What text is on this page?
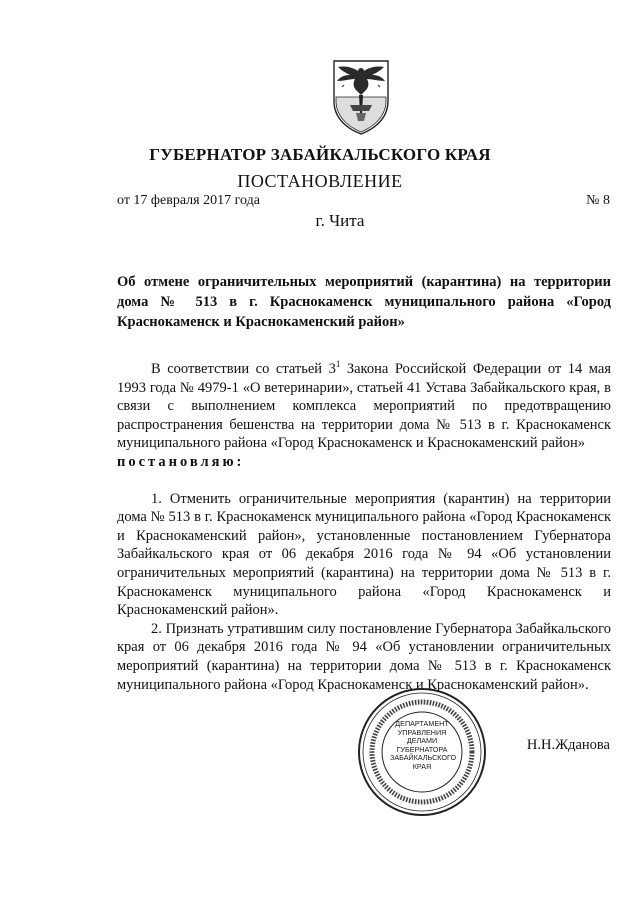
ГУБЕРНАТОР ЗАБАЙКАЛЬСКОГО КРАЯ
ПОСТАНОВЛЕНИЕ
от 17 февраля 2017 года	№ 8
г. Чита
Об отмене ограничительных мероприятий (карантина) на территории дома № 513 в г. Краснокаменск муниципального района «Город Краснокаменск и Краснокаменский район»

В соответствии со статьей $3^1$ Закона Российской Федерации от 14 мая 1993 года № 4979-1 «О ветеринарии», статьей 41 Устава Забайкальского края, в связи с выполнением комплекса мероприятий по предотвращению распространения бешенства на территории дома № 513 в г. Краснокаменск муниципального района «Город Краснокаменск и Краснокаменский район»
постановляю:

1. Отменить ограничительные мероприятия (карантин) на территории дома № 513 в г. Краснокаменск муниципального района «Город Краснокаменск и Краснокаменский район», установленные постановлением Губернатора Забайкальского края от 06 декабря 2016 года № 94 «Об установлении ограничительных мероприятий (карантина) на территории дома № 513 в г. Краснокаменск муниципального района «Город Краснокаменск и Краснокаменский район».

2. Признать утратившим силу постановление Губернатора Забайкальского края от 06 декабря 2016 года № 94 «Об установлении ограничительных мероприятий (карантина) на территории дома № 513 в г. Краснокаменск муниципального района «Город Краснокаменск и Краснокаменский район».

ДЕПАРТАМЕНТ
УПРАВЛЕНИЯ
ДЕЛАМИ
ГУБЕРНАТОРА
ЗАБАЙКАЛЬСКОГО
КРАЯ
Н.Н.Жданова
